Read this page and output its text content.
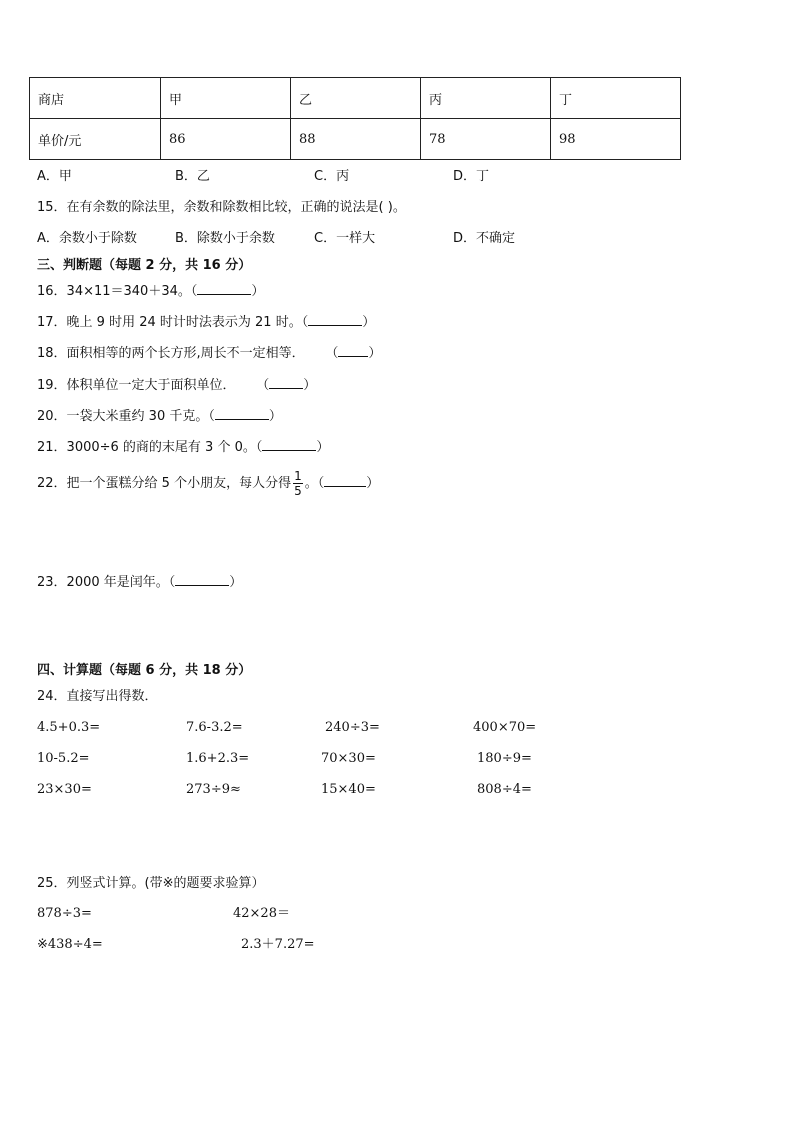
商店	甲	乙	丙	丁
单价/元	86	88	78	98
A．甲	B．乙	C．丙	D．丁
15．在有余数的除法里，余数和除数相比较，正确的说法是( )。
A．余数小于除数	B．除数小于余数	C．一样大	D．不确定
三、判断题（每题 2 分，共 16 分）
16．34×11＝340＋34。（	）
17．晚上 9 时用 24 时计时法表示为 21 时。（	）
18．面积相等的两个长方形,周长不一定相等．     （ ）
19．体积单位一定大于面积单位．     （	）
20．一袋大米重约 30 千克。（	）
21．3000÷6 的商的末尾有 3 个 0。（	）
22．把一个蛋糕分给 5 个小朋友，每人分得 $\frac{1}{5}$ 。（	）
23．2000 年是闰年。（	）
四、计算题（每题 6 分，共 18 分）
24．直接写出得数．
4.5+0.3=	7.6-3.2=	240÷3=	400×70=
10-5.2=	1.6+2.3=	70×30=	180÷9=
23×30=	273÷9≈	15×40=	808÷4=
25．列竖式计算。(带※的题要求验算）
878÷3=	42×28＝
※438÷4=	2.3＋7.27=
